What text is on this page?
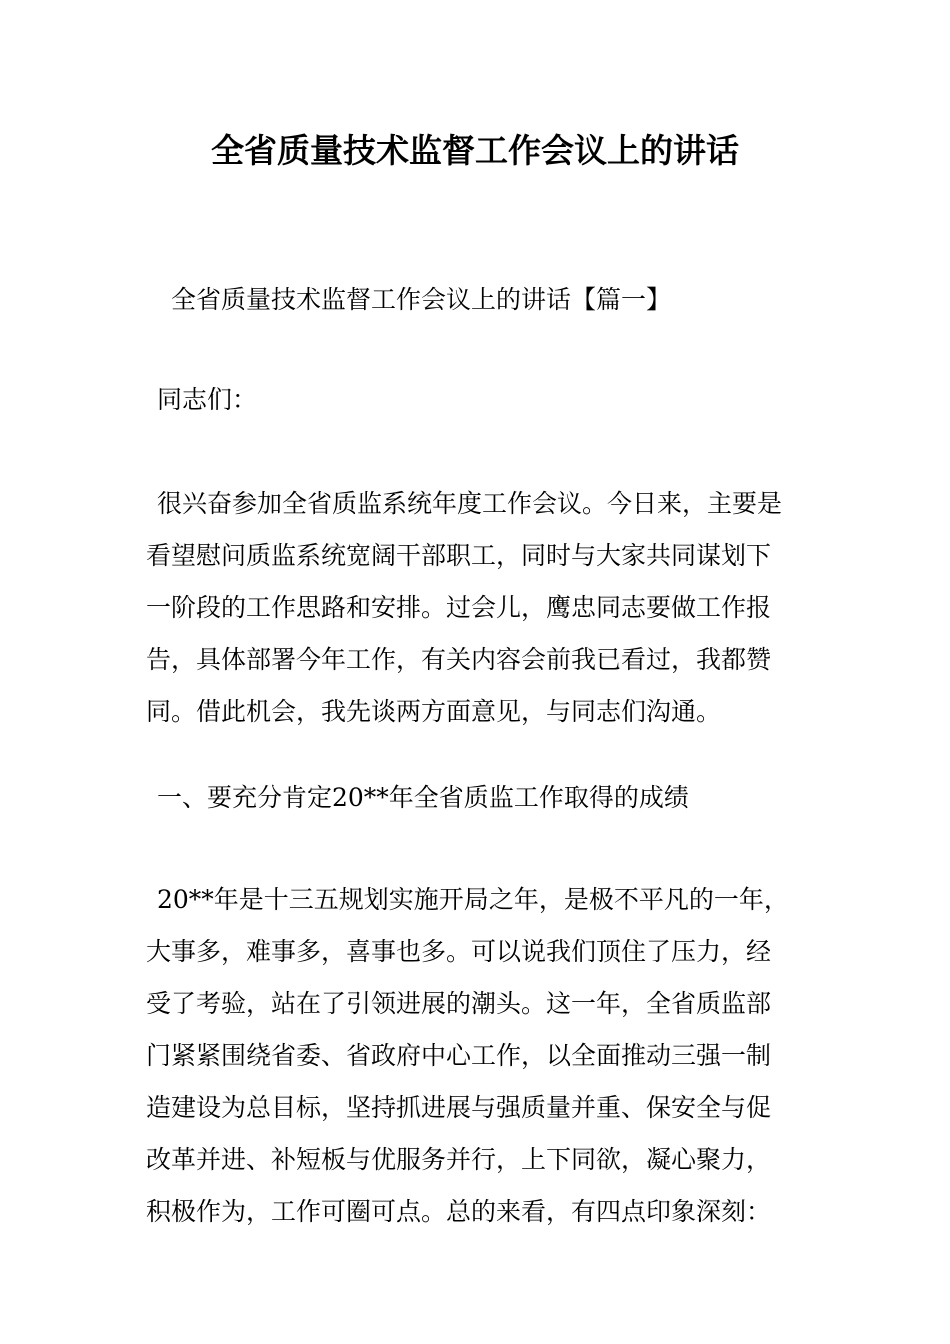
全省质量技术监督工作会议上的讲话
全省质量技术监督工作会议上的讲话【篇一】
同志们：
很兴奋参加全省质监系统年度工作会议。今日来，主要是
看望慰问质监系统宽阔干部职工，同时与大家共同谋划下
一阶段的工作思路和安排。过会儿，鹰忠同志要做工作报
告，具体部署今年工作，有关内容会前我已看过，我都赞
同。借此机会，我先谈两方面意见，与同志们沟通。
一、要充分肯定20**年全省质监工作取得的成绩
20**年是十三五规划实施开局之年，是极不平凡的一年，
大事多，难事多，喜事也多。可以说我们顶住了压力，经
受了考验，站在了引领进展的潮头。这一年，全省质监部
门紧紧围绕省委、省政府中心工作，以全面推动三强一制
造建设为总目标，坚持抓进展与强质量并重、保安全与促
改革并进、补短板与优服务并行，上下同欲，凝心聚力，
积极作为，工作可圈可点。总的来看，有四点印象深刻：
